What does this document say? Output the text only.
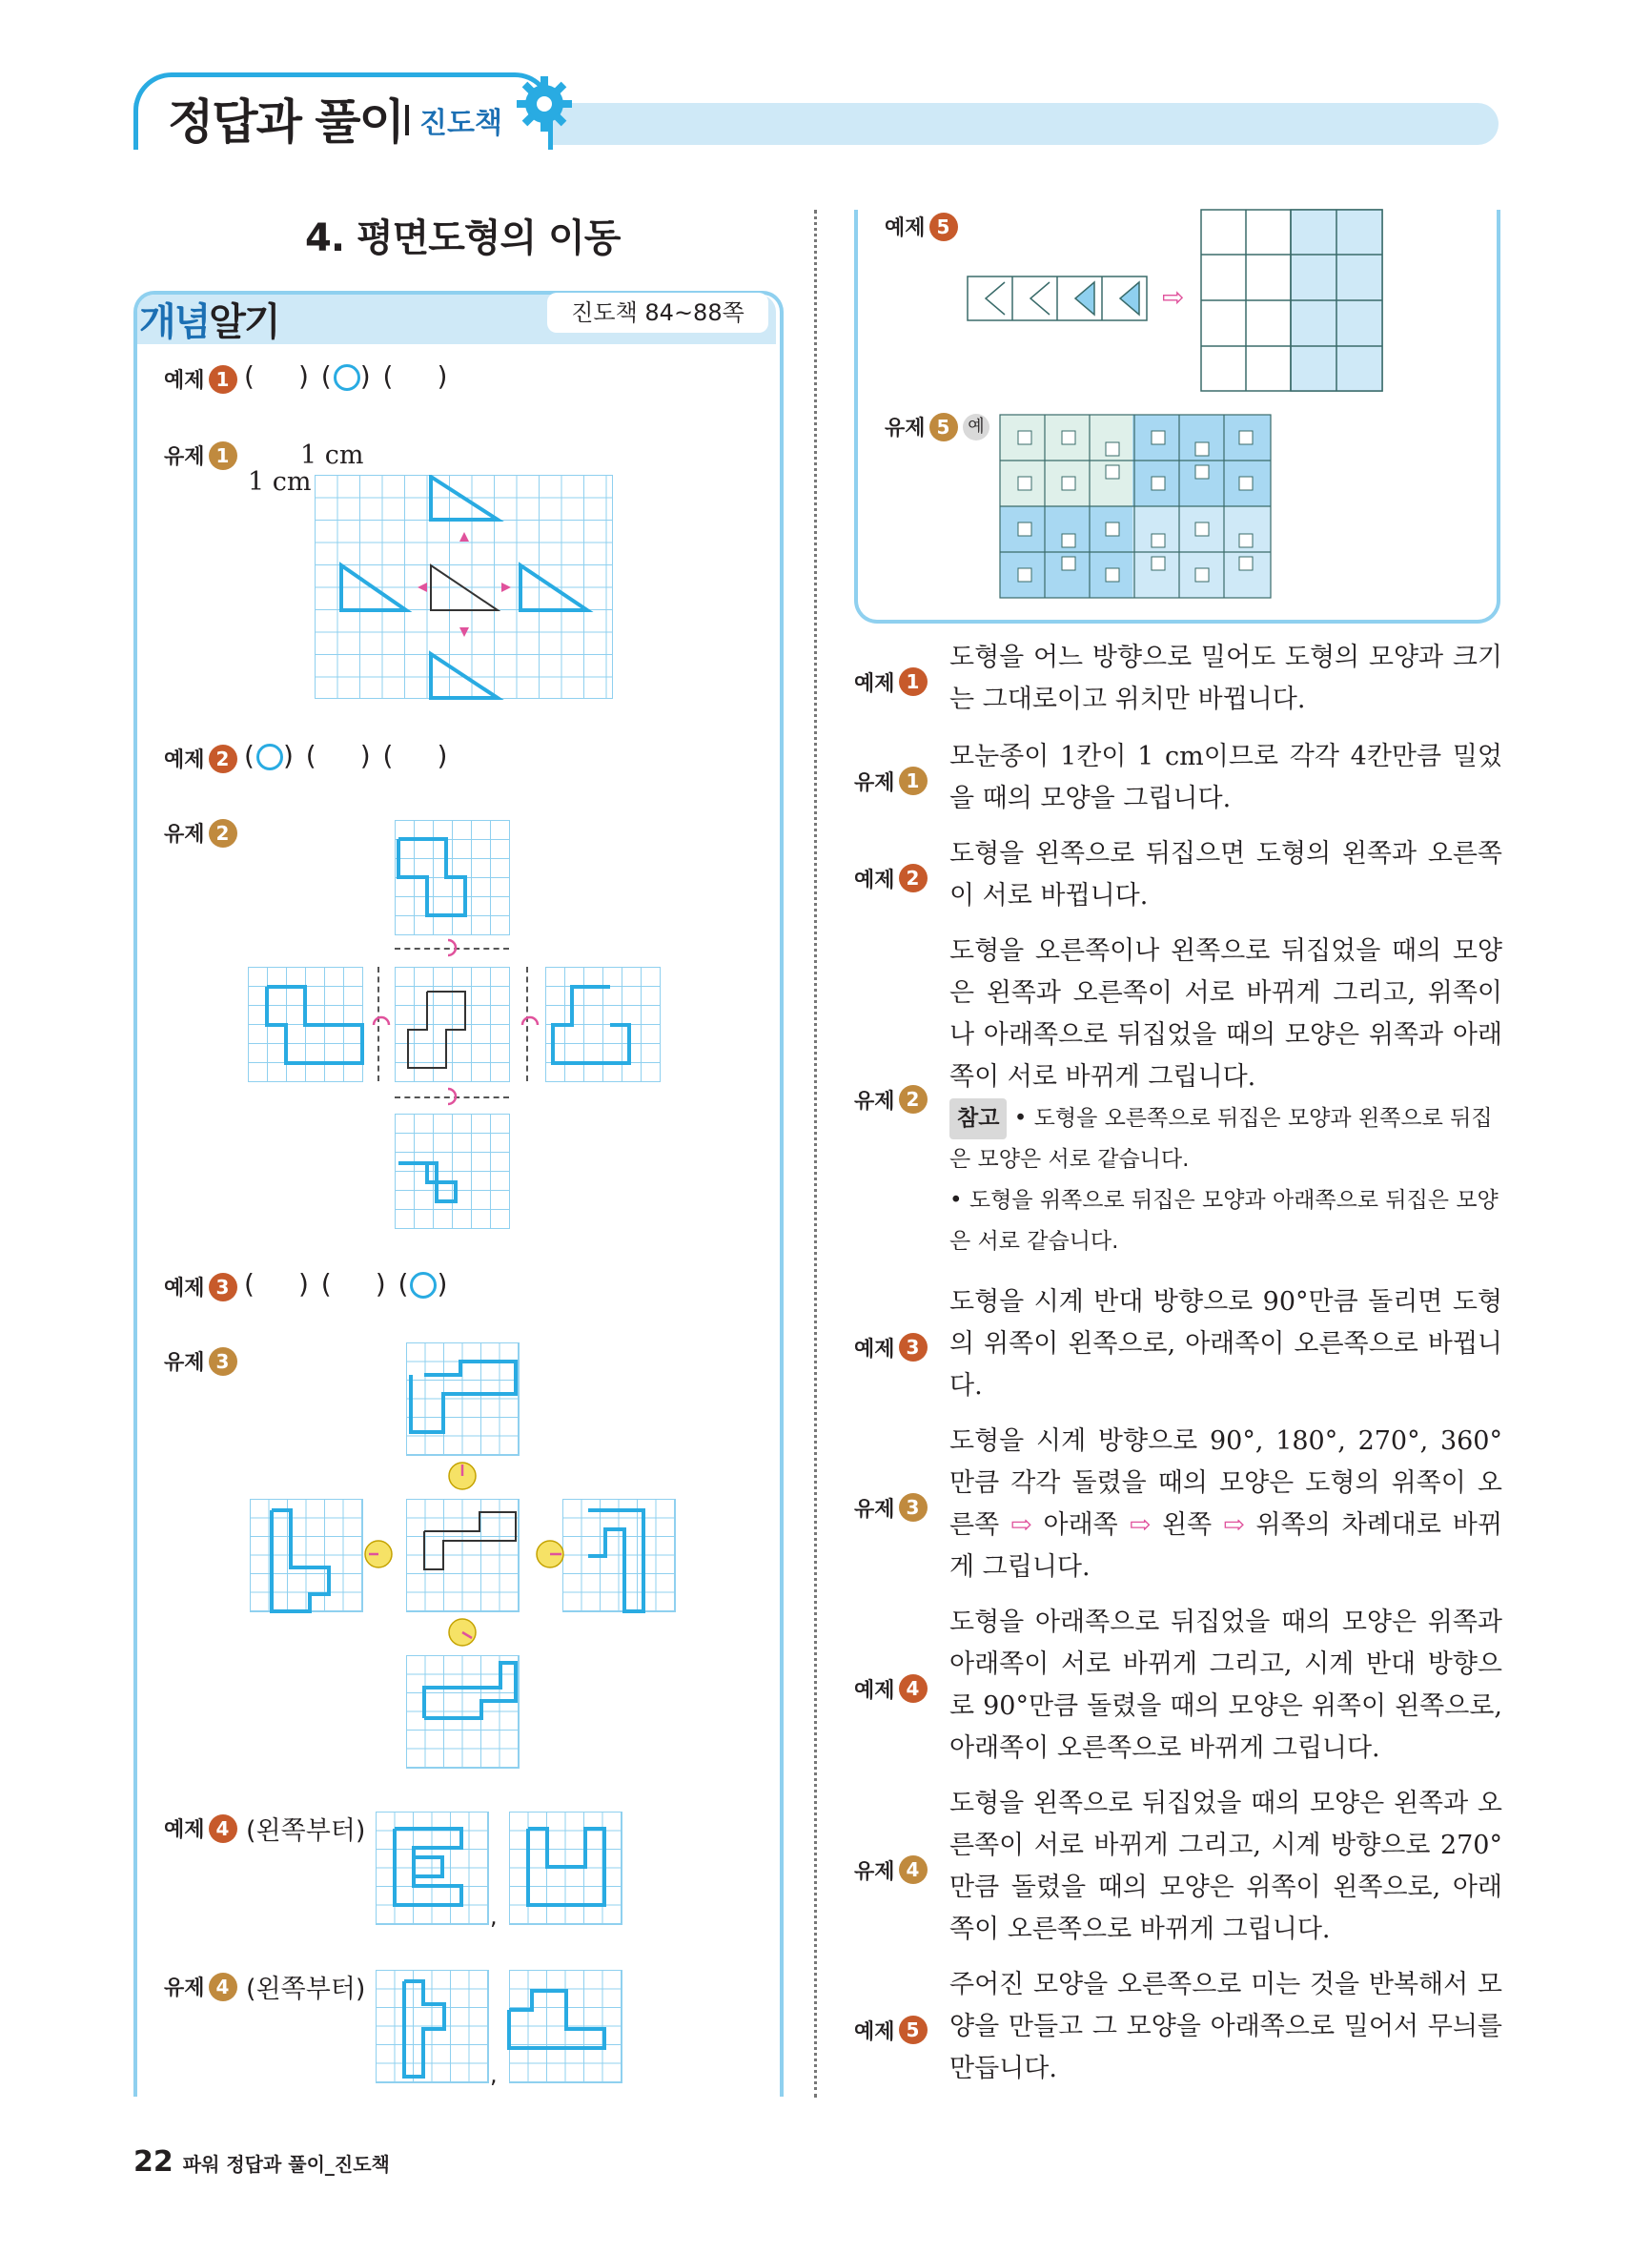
정답과 풀이 진도책
4. 평면도형의 이동
개념알기	진도책 84~88쪽
예제 1 ( ) (○) ( )
유제 1	1 cm
1 cm
예제 2 (○) ( ) ( )
유제 2
예제 3 ( ) ( ) (○)
유제 3
예제 4 (왼쪽부터)
,
유제 4 (왼쪽부터)
,
예제 5
⇨
유제 5	예
예제 1
도형을 어느 방향으로 밀어도 도형의 모양과 크기는 그대로이고 위치만 바뀝니다.
유제 1
모눈종이 1칸이 1 cm이므로 각각 4칸만큼 밀었을 때의 모양을 그립니다.
예제 2
도형을 왼쪽으로 뒤집으면 도형의 왼쪽과 오른쪽이 서로 바뀝니다.
유제 2
도형을 오른쪽이나 왼쪽으로 뒤집었을 때의 모양은 왼쪽과 오른쪽이 서로 바뀌게 그리고, 위쪽이나 아래쪽으로 뒤집었을 때의 모양은 위쪽과 아래쪽이 서로 바뀌게 그립니다.
참고 • 도형을 오른쪽으로 뒤집은 모양과 왼쪽으로 뒤집은 모양은 서로 같습니다.
• 도형을 위쪽으로 뒤집은 모양과 아래쪽으로 뒤집은 모양은 서로 같습니다.
예제 3
도형을 시계 반대 방향으로 90°만큼 돌리면 도형의 위쪽이 왼쪽으로, 아래쪽이 오른쪽으로 바뀝니다.
유제 3
도형을 시계 방향으로 90°, 180°, 270°, 360°만큼 각각 돌렸을 때의 모양은 도형의 위쪽이 오른쪽 ⇨ 아래쪽 ⇨ 왼쪽 ⇨ 위쪽의 차례대로 바뀌게 그립니다.
예제 4
도형을 아래쪽으로 뒤집었을 때의 모양은 위쪽과 아래쪽이 서로 바뀌게 그리고, 시계 반대 방향으로 90°만큼 돌렸을 때의 모양은 위쪽이 왼쪽으로, 아래쪽이 오른쪽으로 바뀌게 그립니다.
유제 4
도형을 왼쪽으로 뒤집었을 때의 모양은 왼쪽과 오른쪽이 서로 바뀌게 그리고, 시계 방향으로 270°만큼 돌렸을 때의 모양은 위쪽이 왼쪽으로, 아래쪽이 오른쪽으로 바뀌게 그립니다.
예제 5
주어진 모양을 오른쪽으로 미는 것을 반복해서 모양을 만들고 그 모양을 아래쪽으로 밀어서 무늬를 만듭니다.
22 파워 정답과 풀이_진도책
